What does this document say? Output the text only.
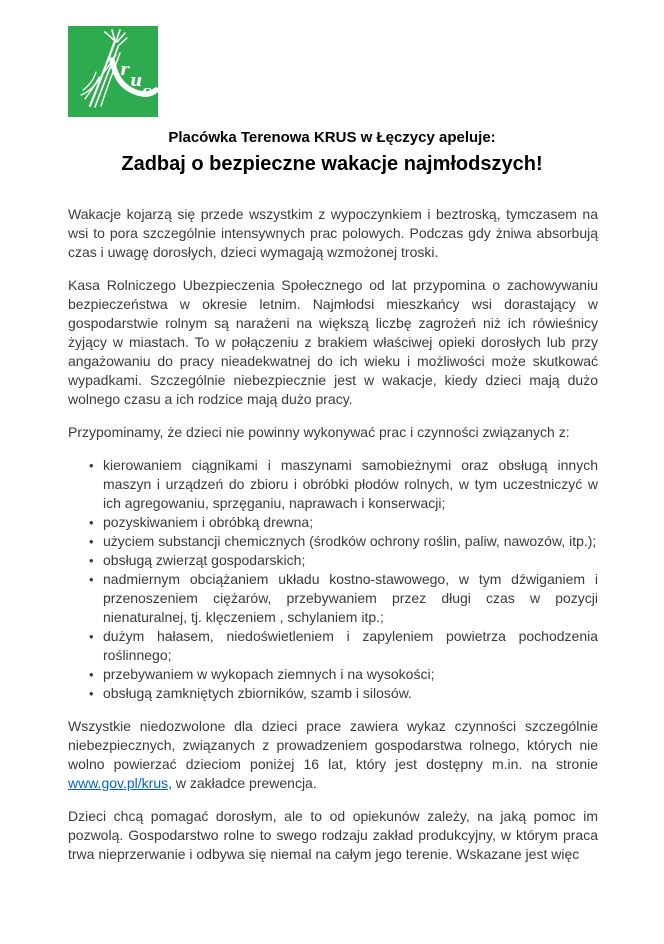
r
u
s
Placówka Terenowa KRUS w Łęczycy apeluje:
Zadbaj o bezpieczne wakacje najmłodszych!

Wakacje kojarzą się przede wszystkim z wypoczynkiem i beztroską, tymczasem na wsi to pora szczególnie intensywnych prac polowych. Podczas gdy żniwa absorbują czas i uwagę dorosłych, dzieci wymagają wzmożonej troski.

Kasa Rolniczego Ubezpieczenia Społecznego od lat przypomina o zachowywaniu bezpieczeństwa w okresie letnim. Najmłodsi mieszkańcy wsi dorastający w gospodarstwie rolnym są narażeni na większą liczbę zagrożeń niż ich rówieśnicy żyjący w miastach. To w połączeniu z brakiem właściwej opieki dorosłych lub przy angażowaniu do pracy nieadekwatnej do ich wieku i możliwości może skutkować wypadkami. Szczególnie niebezpiecznie jest w wakacje, kiedy dzieci mają dużo wolnego czasu a ich rodzice mają dużo pracy.

Przypominamy, że dzieci nie powinny wykonywać prac i czynności związanych z:

• kierowaniem ciągnikami i maszynami samobieżnymi oraz obsługą innych maszyn i urządzeń do zbioru i obróbki płodów rolnych, w tym uczestniczyć w ich agregowaniu, sprzęganiu, naprawach i konserwacji;
• pozyskiwaniem i obróbką drewna;
• użyciem substancji chemicznych (środków ochrony roślin, paliw, nawozów, itp.);
• obsługą zwierząt gospodarskich;
• nadmiernym obciążaniem układu kostno-stawowego, w tym dźwiganiem i przenoszeniem ciężarów, przebywaniem przez długi czas w pozycji nienaturalnej, tj. klęczeniem , schylaniem itp.;
• dużym hałasem, niedoświetleniem i zapyleniem powietrza pochodzenia roślinnego;
• przebywaniem w wykopach ziemnych i na wysokości;
• obsługą zamkniętych zbiorników, szamb i silosów.

Wszystkie niedozwolone dla dzieci prace zawiera wykaz czynności szczególnie niebezpiecznych, związanych z prowadzeniem gospodarstwa rolnego, których nie wolno powierzać dzieciom poniżej 16 lat, który jest dostępny m.in. na stronie www.gov.pl/krus, w zakładce prewencja.

Dzieci chcą pomagać dorosłym, ale to od opiekunów zależy, na jaką pomoc im pozwolą. Gospodarstwo rolne to swego rodzaju zakład produkcyjny, w którym praca trwa nieprzerwanie i odbywa się niemal na całym jego terenie. Wskazane jest więc
